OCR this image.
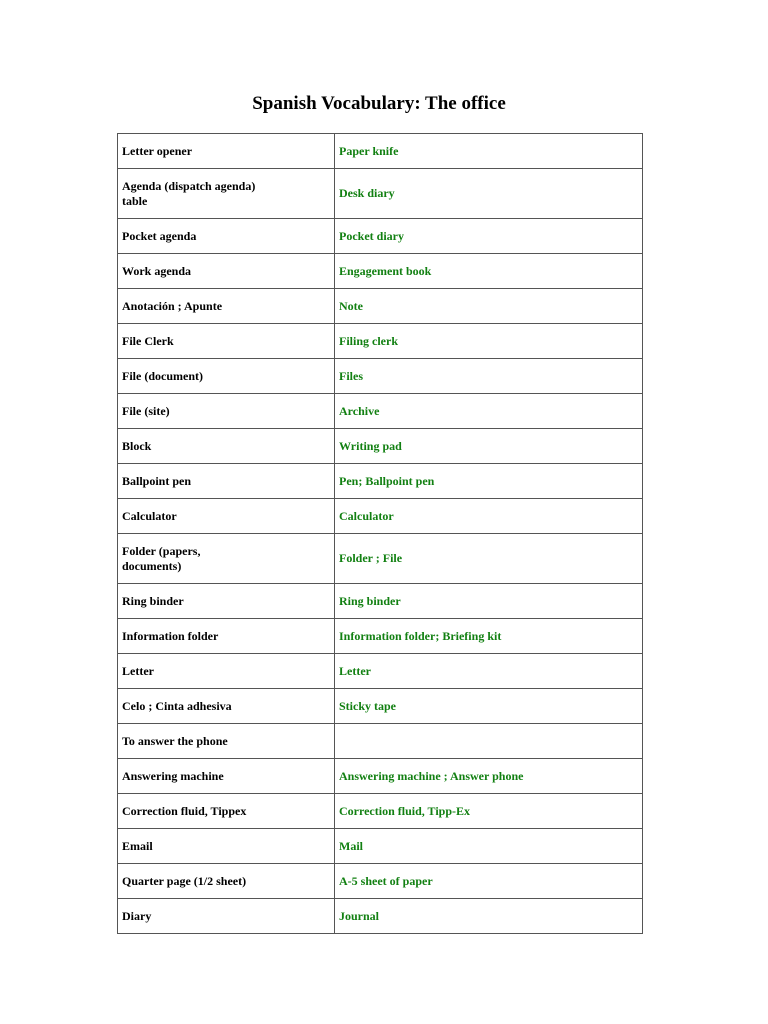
Spanish Vocabulary: The office
Letter opener	Paper knife

Agenda (dispatch agenda) table	Desk diary
Pocket agenda	Pocket diary
Work agenda	Engagement book
Anotación ; Apunte	Note
File Clerk	Filing clerk
File (document)	Files
File (site)	Archive
Block	Writing pad
Ballpoint pen	Pen; Ballpoint pen
Calculator	Calculator

Folder (papers, documents)	Folder ; File
Ring binder	Ring binder
Information folder	Information folder; Briefing kit
Letter	Letter
Celo ; Cinta adhesiva	Sticky tape
To answer the phone	
Answering machine	Answering machine ; Answer phone
Correction fluid, Tippex	Correction fluid, Tipp-Ex
Email	Mail
Quarter page (1/2 sheet)	A-5 sheet of paper
Diary	Journal
